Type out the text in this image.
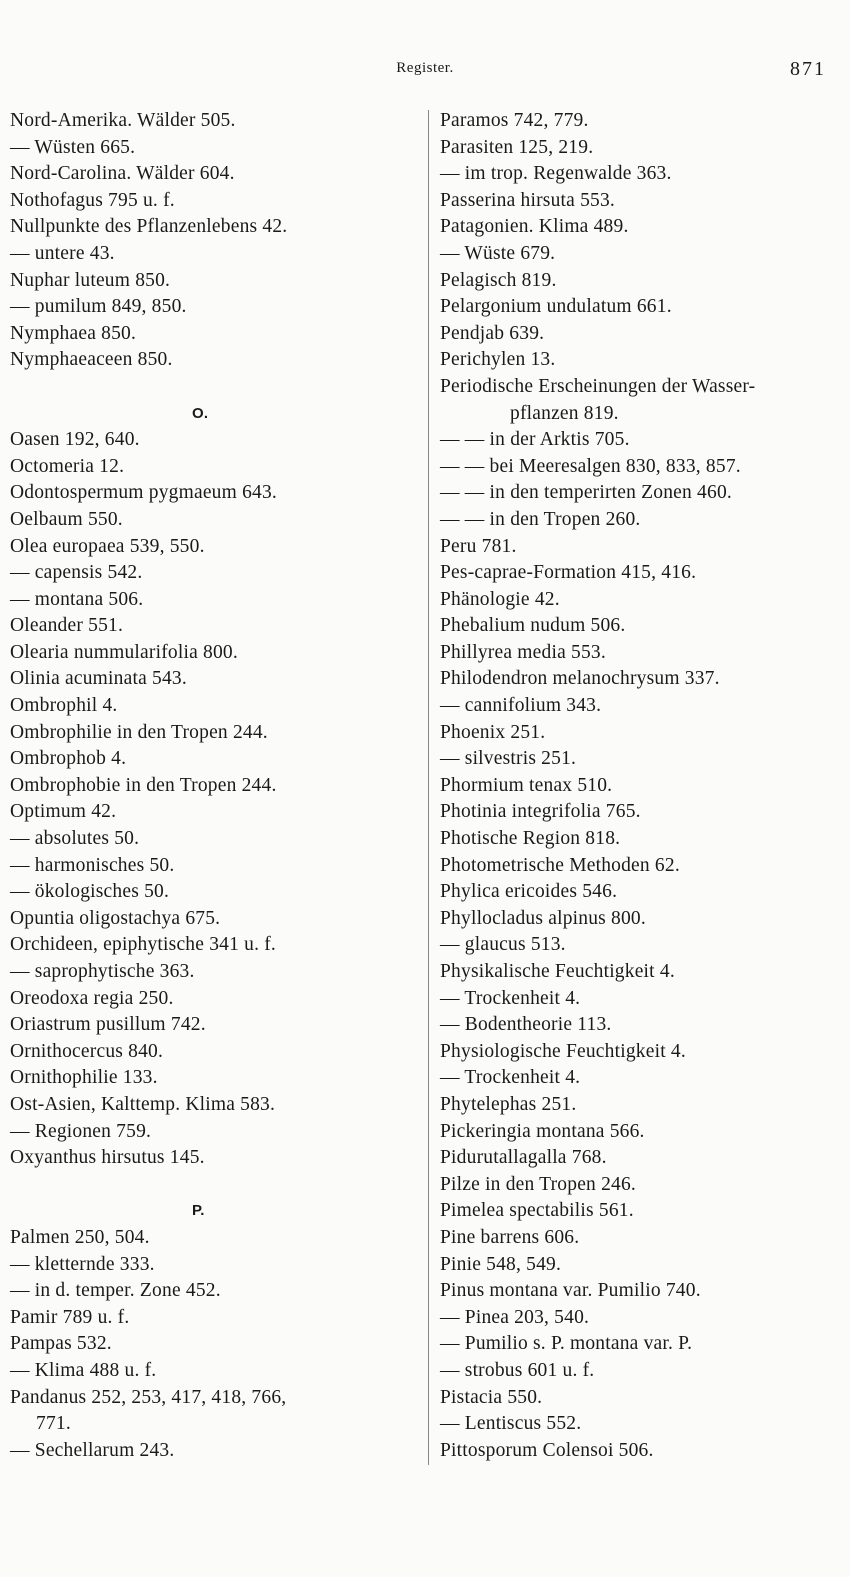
Register.	871
Nord-Amerika. Wälder 505.
— Wüsten 665.
Nord-Carolina. Wälder 604.
Nothofagus 795 u. f.
Nullpunkte des Pflanzenlebens 42.
— untere 43.
Nuphar luteum 850.
— pumilum 849, 850.
Nymphaea 850.
Nymphaeaceen 850.
O.
Oasen 192, 640.
Octomeria 12.
Odontospermum pygmaeum 643.
Oelbaum 550.
Olea europaea 539, 550.
— capensis 542.
— montana 506.
Oleander 551.
Olearia nummularifolia 800.
Olinia acuminata 543.
Ombrophil 4.
Ombrophilie in den Tropen 244.
Ombrophob 4.
Ombrophobie in den Tropen 244.
Optimum 42.
— absolutes 50.
— harmonisches 50.
— ökologisches 50.
Opuntia oligostachya 675.
Orchideen, epiphytische 341 u. f.
— saprophytische 363.
Oreodoxa regia 250.
Oriastrum pusillum 742.
Ornithocercus 840.
Ornithophilie 133.
Ost-Asien, Kalttemp. Klima 583.
— Regionen 759.
Oxyanthus hirsutus 145.
P.
Palmen 250, 504.
— kletternde 333.
— in d. temper. Zone 452.
Pamir 789 u. f.
Pampas 532.
— Klima 488 u. f.
Pandanus 252, 253, 417, 418, 766,
771.
— Sechellarum 243.
Paramos 742, 779.
Parasiten 125, 219.
— im trop. Regenwalde 363.
Passerina hirsuta 553.
Patagonien. Klima 489.
— Wüste 679.
Pelagisch 819.
Pelargonium undulatum 661.
Pendjab 639.
Perichylen 13.
Periodische Erscheinungen der Wasser-
pflanzen 819.
— — in der Arktis 705.
— — bei Meeresalgen 830, 833, 857.
— — in den temperirten Zonen 460.
— — in den Tropen 260.
Peru 781.
Pes-caprae-Formation 415, 416.
Phänologie 42.
Phebalium nudum 506.
Phillyrea media 553.
Philodendron melanochrysum 337.
— cannifolium 343.
Phoenix 251.
— silvestris 251.
Phormium tenax 510.
Photinia integrifolia 765.
Photische Region 818.
Photometrische Methoden 62.
Phylica ericoides 546.
Phyllocladus alpinus 800.
— glaucus 513.
Physikalische Feuchtigkeit 4.
— Trockenheit 4.
— Bodentheorie 113.
Physiologische Feuchtigkeit 4.
— Trockenheit 4.
Phytelephas 251.
Pickeringia montana 566.
Pidurutallagalla 768.
Pilze in den Tropen 246.
Pimelea spectabilis 561.
Pine barrens 606.
Pinie 548, 549.
Pinus montana var. Pumilio 740.
— Pinea 203, 540.
— Pumilio s. P. montana var. P.
— strobus 601 u. f.
Pistacia 550.
— Lentiscus 552.
Pittosporum Colensoi 506.
